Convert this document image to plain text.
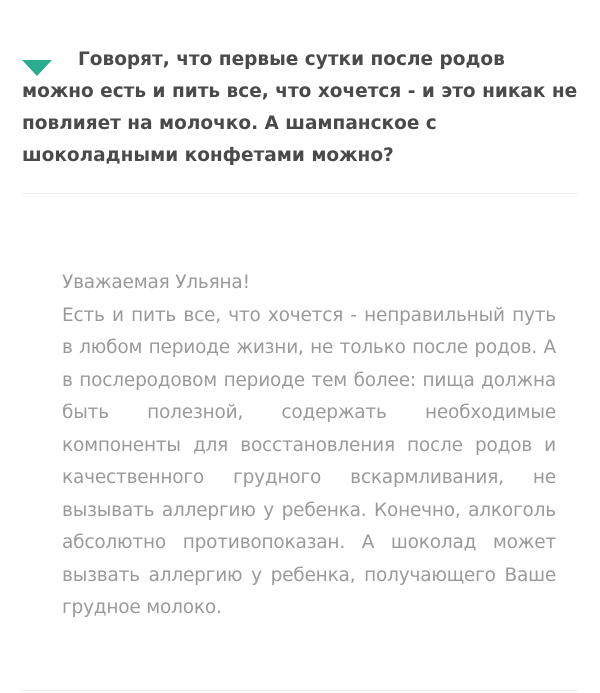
Говорят, что первые сутки после родов можно есть и пить все, что хочется - и это никак не повлияет на молочко. А шампанское с шоколадными конфетами можно?

Уважаемая Ульяна!

Есть и пить все, что хочется - неправильный путь в любом периоде жизни, не только после родов. А в послеродовом периоде тем более: пища должна быть полезной, содержать необходимые компоненты для восстановления после родов и качественного грудного вскармливания, не вызывать аллергию у ребенка. Конечно, алкоголь абсолютно противопоказан. А шоколад может вызвать аллергию у ребенка, получающего Ваше грудное молоко.
